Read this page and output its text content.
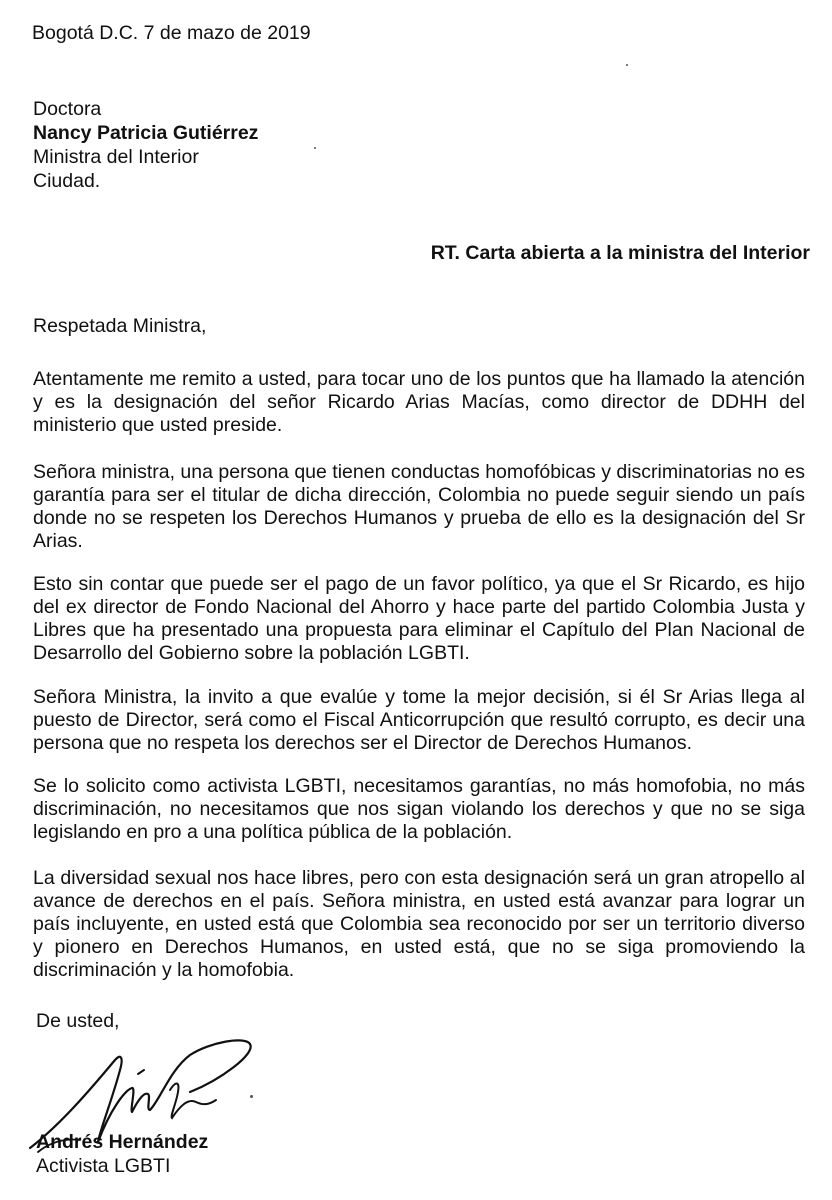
Bogotá D.C. 7 de mazo de 2019

Doctora
Nancy Patricia Gutiérrez
Ministra del Interior
Ciudad.

RT. Carta abierta a la ministra del Interior

Respetada Ministra,

Atentamente me remito a usted, para tocar uno de los puntos que ha llamado la atención y es la designación del señor Ricardo Arias Macías, como director de DDHH del ministerio que usted preside.

Señora ministra, una persona que tienen conductas homofóbicas y discriminatorias no es garantía para ser el titular de dicha dirección, Colombia no puede seguir siendo un país donde no se respeten los Derechos Humanos y prueba de ello es la designación del Sr Arias.

Esto sin contar que puede ser el pago de un favor político, ya que el Sr Ricardo, es hijo del ex director de Fondo Nacional del Ahorro y hace parte del partido Colombia Justa y Libres que ha presentado una propuesta para eliminar el Capítulo del Plan Nacional de Desarrollo del Gobierno sobre la población LGBTI.

Señora Ministra, la invito a que evalúe y tome la mejor decisión, si él Sr Arias llega al puesto de Director, será como el Fiscal Anticorrupción que resultó corrupto, es decir una persona que no respeta los derechos ser el Director de Derechos Humanos.

Se lo solicito como activista LGBTI, necesitamos garantías, no más homofobia, no más discriminación, no necesitamos que nos sigan violando los derechos y que no se siga legislando en pro a una política pública de la población.

La diversidad sexual nos hace libres, pero con esta designación será un gran atropello al avance de derechos en el país. Señora ministra, en usted está avanzar para lograr un país incluyente, en usted está que Colombia sea reconocido por ser un territorio diverso y pionero en Derechos Humanos, en usted está, que no se siga promoviendo la discriminación y la homofobia.

De usted,

Andrés Hernández
Activista LGBTI
